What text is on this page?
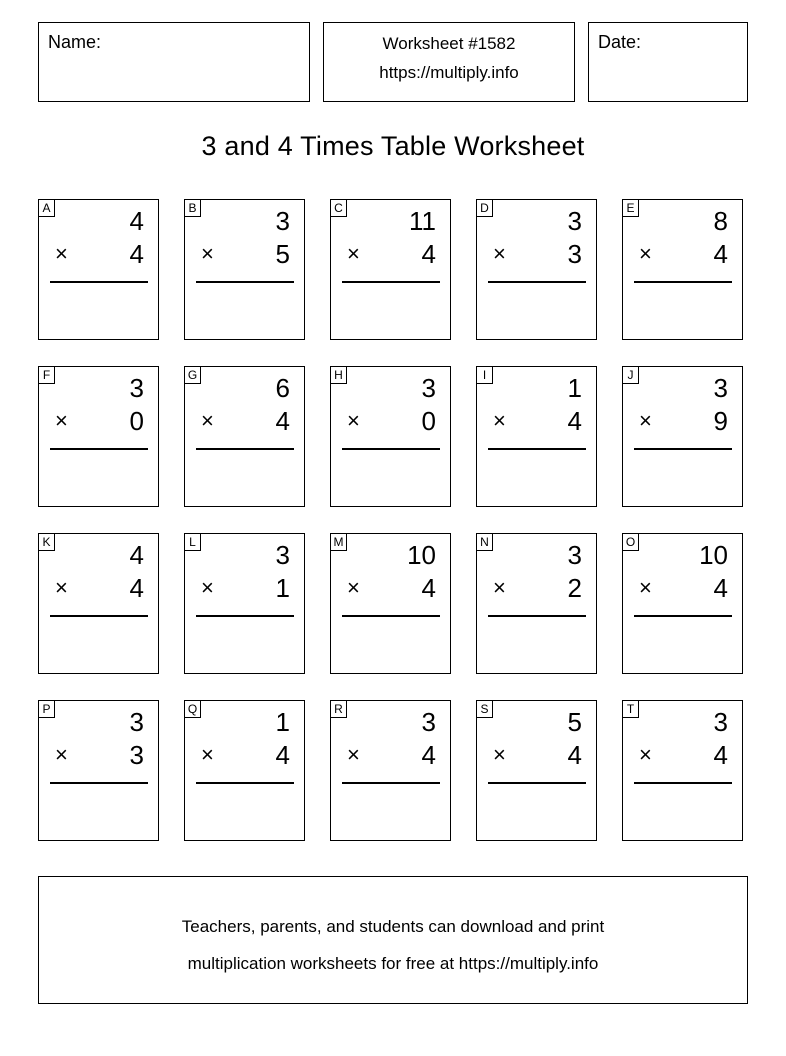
Name:	Worksheet #1582
https://multiply.info
Date:
3 and 4 Times Table Worksheet
A	4
× 4
B	3
× 5
C	11
× 4
D	3
× 3
E	8
× 4
F	3
× 0
G	6
× 4
H	3
× 0
I	1
× 4
J	3
× 9
K	4
× 4
L	3
× 1
M 10
× 4
N	3
× 2
O 10
× 4
P	3
× 3
Q	1
× 4
R	3
× 4
S	5
× 4
T	3
× 4
Teachers, parents, and students can download and print
multiplication worksheets for free at https://multiply.info
